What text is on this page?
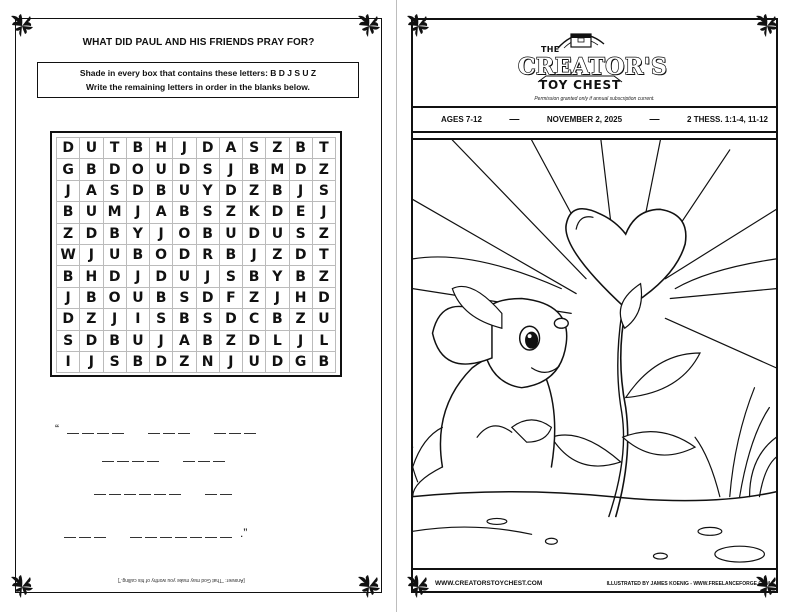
WHAT DID PAUL AND HIS FRIENDS PRAY FOR?
Shade in every box that contains these letters: B D J S U Z
Write the remaining letters in order in the blanks below.
D	U	T	B	H	J	D	A	S	Z	B	T
G	B	D	O	U	D	S	J	B	M	D	Z
J	A	S	D	B	U	Y	D	Z	B	J	S
B	U	M	J	A	B	S	Z	K	D	E	J
Z	D	B	Y	J	O	B	U	D	U	S	Z
W	J	U	B	O	D	R	B	J	Z	D	T
B	H	D	J	D	U	J	S	B	Y	B	Z
J	B	O	U	B	S	D	F	Z	J	H	D
D	Z	J	I	S	B	S	D	C	B	Z	U
S	D	B	U	J	A	B	Z	D	L	J	L
I	J	S	B	D	Z	N	J	U	D	G	B
“
.”
[Answer: “That God may make you worthy of his calling.”]
THE
CREATOR'S
TOY CHEST
Permission granted only if annual subscription current.
AGES 7-12	—	NOVEMBER 2, 2025	—	2 THESS. 1:1-4, 11-12
WWW.CREATORSTOYCHEST.COM	ILLUSTRATED BY JAMES KOENIG - WWW.FREELANCEFORGE.COM
